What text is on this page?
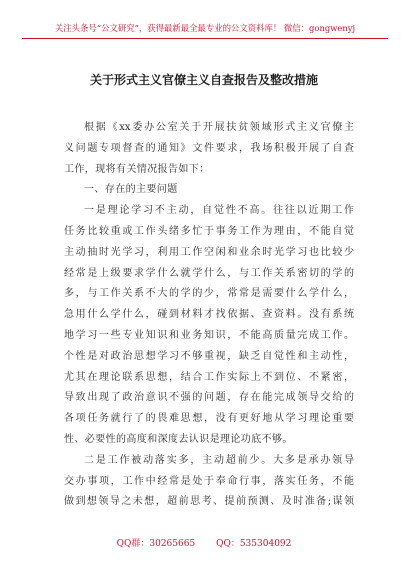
关注头条号“公文研究”，获得最新最全最专业的公文资料库！ 微信：gongwenyj
关于形式主义官僚主义自查报告及整改措施
根据《xx委办公室关于开展扶贫领域形式主义官僚主
义问题专项督查的通知》文件要求，我场积极开展了自查
工作，现将有关情况报告如下：
一、存在的主要问题
一是理论学习不主动，自觉性不高。往往以近期工作
任务比较重或工作头绪多忙于事务工作为理由，不能自觉
主动抽时光学习，利用工作空闲和业余时光学习也比较少
经常是上级要求学什么就学什么，与工作关系密切的学的
多，与工作关系不大的学的少，常常是需要什么学什么，
急用什么学什么，碰到材料才找依据、查资料。没有系统
地学习一些专业知识和业务知识，不能高质量完成工作。
个性是对政治思想学习不够重视，缺乏自觉性和主动性，
尤其在理论联系思想，结合工作实际上不到位、不紧密，
导致出现了政治意识不强的问题，存在能完成领导交给的
各项任务就行了的畏难思想，没有更好地从学习理论重要
性、必要性的高度和深度去认识是理论功底不够。
二是工作被动落实多，主动超前少。大多是承办领导
交办事项，工作中经常是处于奉命行事，落实任务，不能
做到想领导之未想，超前思考、提前预测、及时准备;谋领
QQ群：30265665 QQ：535304092
